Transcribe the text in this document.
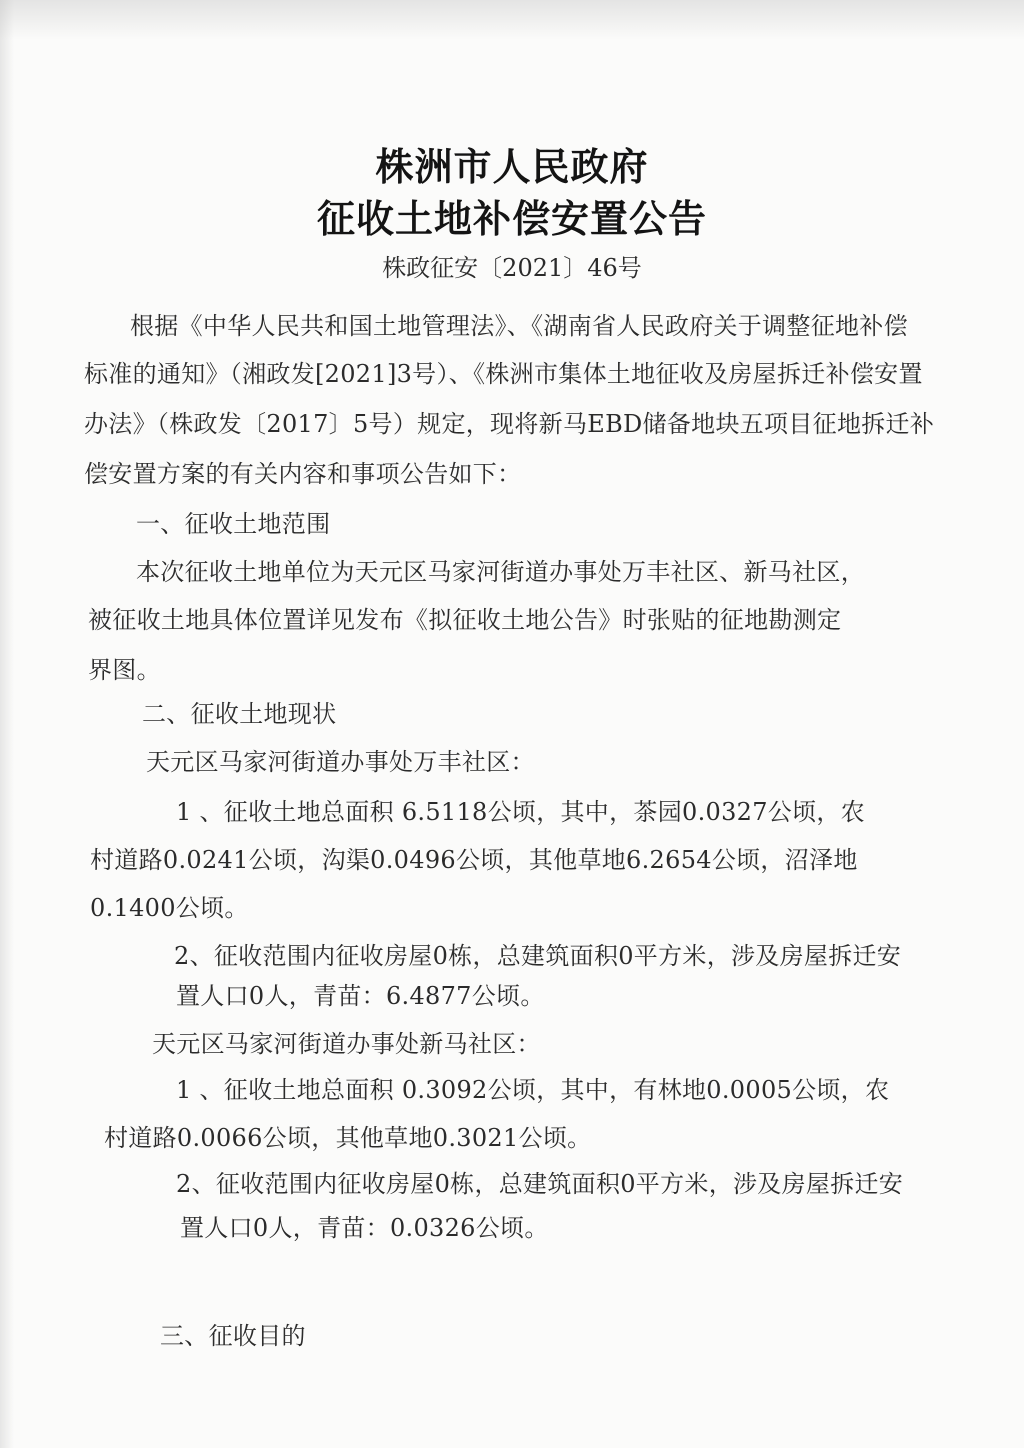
株洲市人民政府
征收土地补偿安置公告
株政征安〔2021〕46号
根据《中华人民共和国土地管理法》、《湖南省人民政府关于调整征地补偿
标准的通知》（湘政发[2021]3号）、《株洲市集体土地征收及房屋拆迁补偿安置
办法》（株政发〔2017〕5号）规定，现将新马EBD储备地块五项目征地拆迁补
偿安置方案的有关内容和事项公告如下：
一、征收土地范围
本次征收土地单位为天元区马家河街道办事处万丰社区、新马社区，
被征收土地具体位置详见发布《拟征收土地公告》时张贴的征地勘测定
界图。
二、征收土地现状
天元区马家河街道办事处万丰社区：
1 、征收土地总面积 6.5118公顷，其中，茶园0.0327公顷，农
村道路0.0241公顷，沟渠0.0496公顷，其他草地6.2654公顷，沼泽地
0.1400公顷。
2、征收范围内征收房屋0栋，总建筑面积0平方米，涉及房屋拆迁安
置人口0人，青苗：6.4877公顷。
天元区马家河街道办事处新马社区：
1 、征收土地总面积 0.3092公顷，其中，有林地0.0005公顷，农
村道路0.0066公顷，其他草地0.3021公顷。
2、征收范围内征收房屋0栋，总建筑面积0平方米，涉及房屋拆迁安
置人口0人，青苗：0.0326公顷。
三、征收目的
